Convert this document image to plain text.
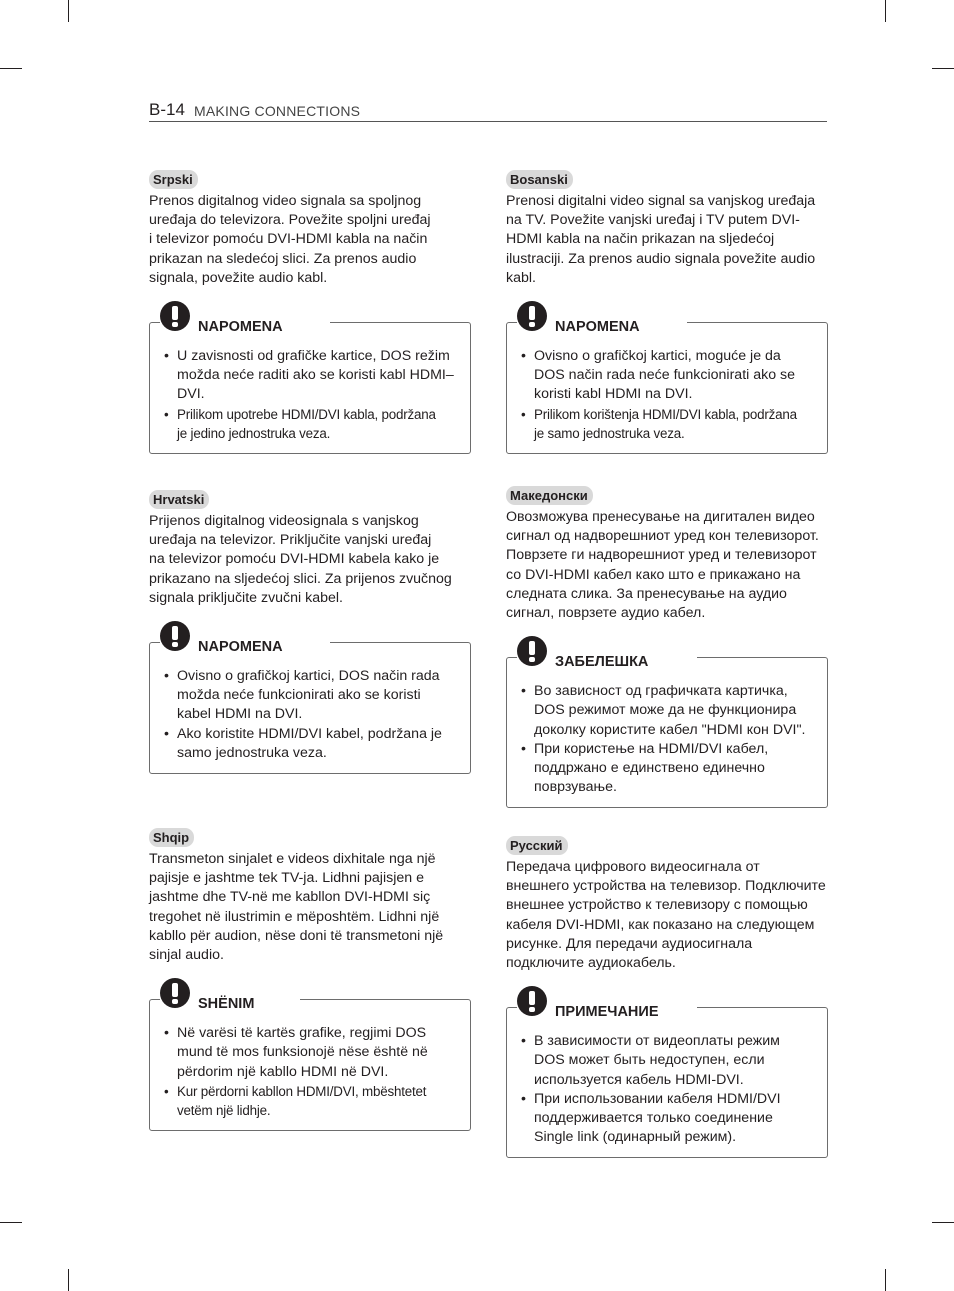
B-14 MAKING CONNECTIONS
Srpski
Prenos digitalnog video signala sa spoljnog
uređaja do televizora. Povežite spoljni uređaj
i televizor pomoću DVI-HDMI kabla na način
prikazan na sledećoj slici. Za prenos audio
signala, povežite audio kabl.
NAPOMENA
• U zavisnosti od grafičke kartice, DOS režim
možda neće raditi ako se koristi kabl HDMI–
DVI.
• Prilikom upotrebe HDMI/DVI kabla, podržana
je jedino jednostruka veza.
Hrvatski
Prijenos digitalnog videosignala s vanjskog
uređaja na televizor. Priključite vanjski uređaj
na televizor pomoću DVI-HDMI kabela kako je
prikazano na sljedećoj slici. Za prijenos zvučnog
signala priključite zvučni kabel.
NAPOMENA
• Ovisno o grafičkoj kartici, DOS način rada
možda neće funkcionirati ako se koristi
kabel HDMI na DVI.
• Ako koristite HDMI/DVI kabel, podržana je
samo jednostruka veza.
Shqip
Transmeton sinjalet e videos dixhitale nga një
pajisje e jashtme tek TV-ja. Lidhni pajisjen e
jashtme dhe TV-në me kabllon DVI-HDMI siç
tregohet në ilustrimin e mëposhtëm. Lidhni një
kabllo për audion, nëse doni të transmetoni një
sinjal audio.
SHËNIM
• Në varësi të kartës grafike, regjimi DOS
mund të mos funksionojë nëse është në
përdorim një kabllo HDMI në DVI.
• Kur përdorni kabllon HDMI/DVI, mbështetet
vetëm një lidhje.
Bosanski
Prenosi digitalni video signal sa vanjskog uređaja
na TV. Povežite vanjski uređaj i TV putem DVI-
HDMI kabla na način prikazan na sljedećoj
ilustraciji. Za prenos audio signala povežite audio
kabl.
NAPOMENA
• Ovisno o grafičkoj kartici, moguće je da
DOS način rada neće funkcionirati ako se
koristi kabl HDMI na DVI.
• Prilikom korištenja HDMI/DVI kabla, podržana
je samo jednostruka veza.
Македонски
Овозможува пренесување на дигитален видео
сигнал од надворешниот уред кон телевизорот.
Поврзете ги надворешниот уред и телевизорот
со DVI-HDMI кабел како што е прикажано на
следната слика. За пренесување на аудио
сигнал, поврзете аудио кабел.
ЗАБЕЛЕШКА
• Во зависност од графичката картичка,
DOS режимот може да не функционира
доколку користите кабел "HDMI кон DVI".
• При користење на HDMI/DVI кабел,
поддржано е единствено единечно
поврзување.
Русский
Передача цифрового видеосигнала от
внешнего устройства на телевизор. Подключите
внешнее устройство к телевизору с помощью
кабеля DVI-HDMI, как показано на следующем
рисунке. Для передачи аудиосигнала
подключите аудиокабель.
ПРИМЕЧАНИЕ
• В зависимости от видеоплаты режим
DOS может быть недоступен, если
используется кабель HDMI-DVI.
• При использовании кабеля HDMI/DVI
поддерживается только соединение
Single link (одинарный режим).
